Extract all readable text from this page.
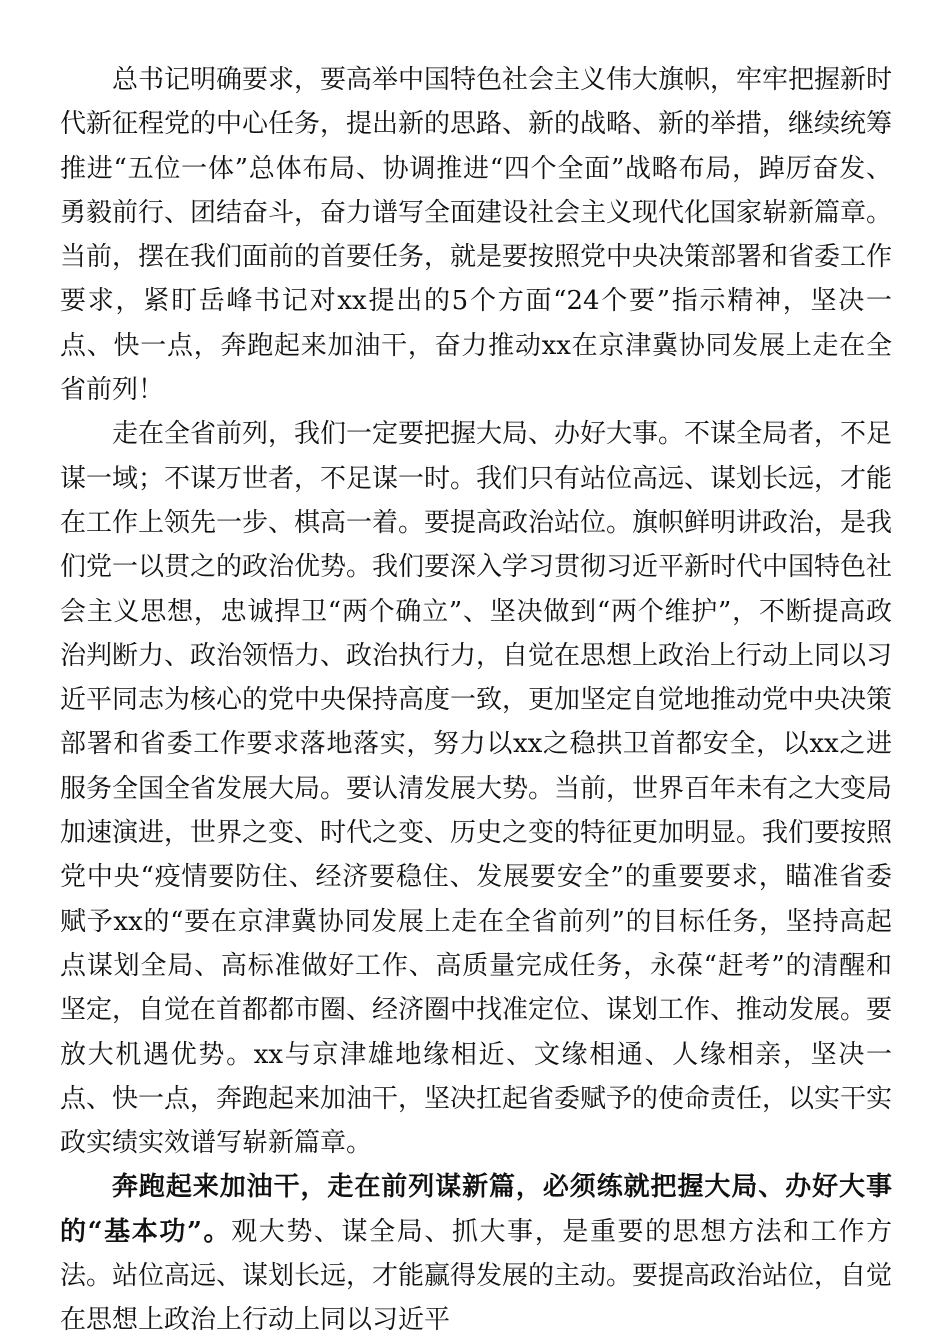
总书记明确要求，要高举中国特色社会主义伟大旗帜，牢牢把握新时代新征程党的中心任务，提出新的思路、新的战略、新的举措，继续统筹推进“五位一体”总体布局、协调推进“四个全面”战略布局，踔厉奋发、勇毅前行、团结奋斗，奋力谱写全面建设社会主义现代化国家崭新篇章。当前，摆在我们面前的首要任务，就是要按照党中央决策部署和省委工作要求，紧盯岳峰书记对xx提出的5个方面“24个要”指示精神，坚决一点、快一点，奔跑起来加油干，奋力推动xx在京津冀协同发展上走在全省前列！

走在全省前列，我们一定要把握大局、办好大事。不谋全局者，不足谋一域；不谋万世者，不足谋一时。我们只有站位高远、谋划长远，才能在工作上领先一步、棋高一着。要提高政治站位。旗帜鲜明讲政治，是我们党一以贯之的政治优势。我们要深入学习贯彻习近平新时代中国特色社会主义思想，忠诚捍卫“两个确立”、坚决做到“两个维护”，不断提高政治判断力、政治领悟力、政治执行力，自觉在思想上政治上行动上同以习近平同志为核心的党中央保持高度一致，更加坚定自觉地推动党中央决策部署和省委工作要求落地落实，努力以xx之稳拱卫首都安全，以xx之进服务全国全省发展大局。要认清发展大势。当前，世界百年未有之大变局加速演进，世界之变、时代之变、历史之变的特征更加明显。我们要按照党中央“疫情要防住、经济要稳住、发展要安全”的重要要求，瞄准省委赋予xx的“要在京津冀协同发展上走在全省前列”的目标任务，坚持高起点谋划全局、高标准做好工作、高质量完成任务，永葆“赶考”的清醒和坚定，自觉在首都都市圈、经济圈中找准定位、谋划工作、推动发展。要放大机遇优势。xx与京津雄地缘相近、文缘相通、人缘相亲，坚决一点、快一点，奔跑起来加油干，坚决扛起省委赋予的使命责任，以实干实政实绩实效谱写崭新篇章。

奔跑起来加油干，走在前列谋新篇，必须练就把握大局、办好大事的“基本功”。观大势、谋全局、抓大事，是重要的思想方法和工作方法。站位高远、谋划长远，才能赢得发展的主动。要提高政治站位，自觉在思想上政治上行动上同以习近平
